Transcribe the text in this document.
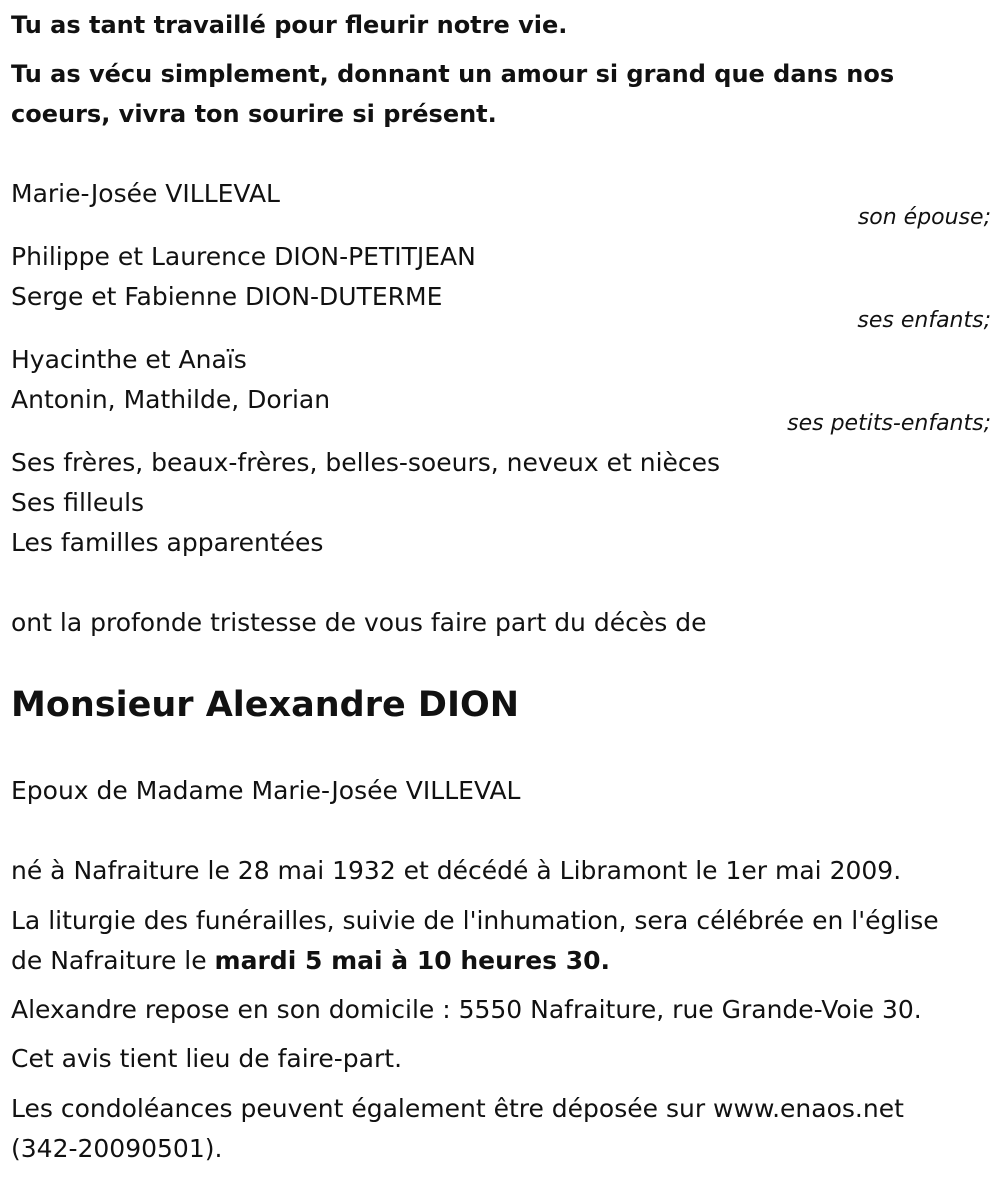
Tu as tant travaillé pour fleurir notre vie.
Tu as vécu simplement, donnant un amour si grand que dans nos
coeurs, vivra ton sourire si présent.
Marie-Josée VILLEVAL
son épouse;
Philippe et Laurence DION-PETITJEAN
Serge et Fabienne DION-DUTERME
ses enfants;
Hyacinthe et Anaïs
Antonin, Mathilde, Dorian
ses petits-enfants;
Ses frères, beaux-frères, belles-soeurs, neveux et nièces
Ses filleuls
Les familles apparentées
ont la profonde tristesse de vous faire part du décès de
Monsieur Alexandre DION
Epoux de Madame Marie-Josée VILLEVAL
né à Nafraiture le 28 mai 1932 et décédé à Libramont le 1er mai 2009.
La liturgie des funérailles, suivie de l'inhumation, sera célébrée en l'église
de Nafraiture le mardi 5 mai à 10 heures 30.
Alexandre repose en son domicile : 5550 Nafraiture, rue Grande-Voie 30.
Cet avis tient lieu de faire-part.
Les condoléances peuvent également être déposée sur www.enaos.net
(342-20090501).
